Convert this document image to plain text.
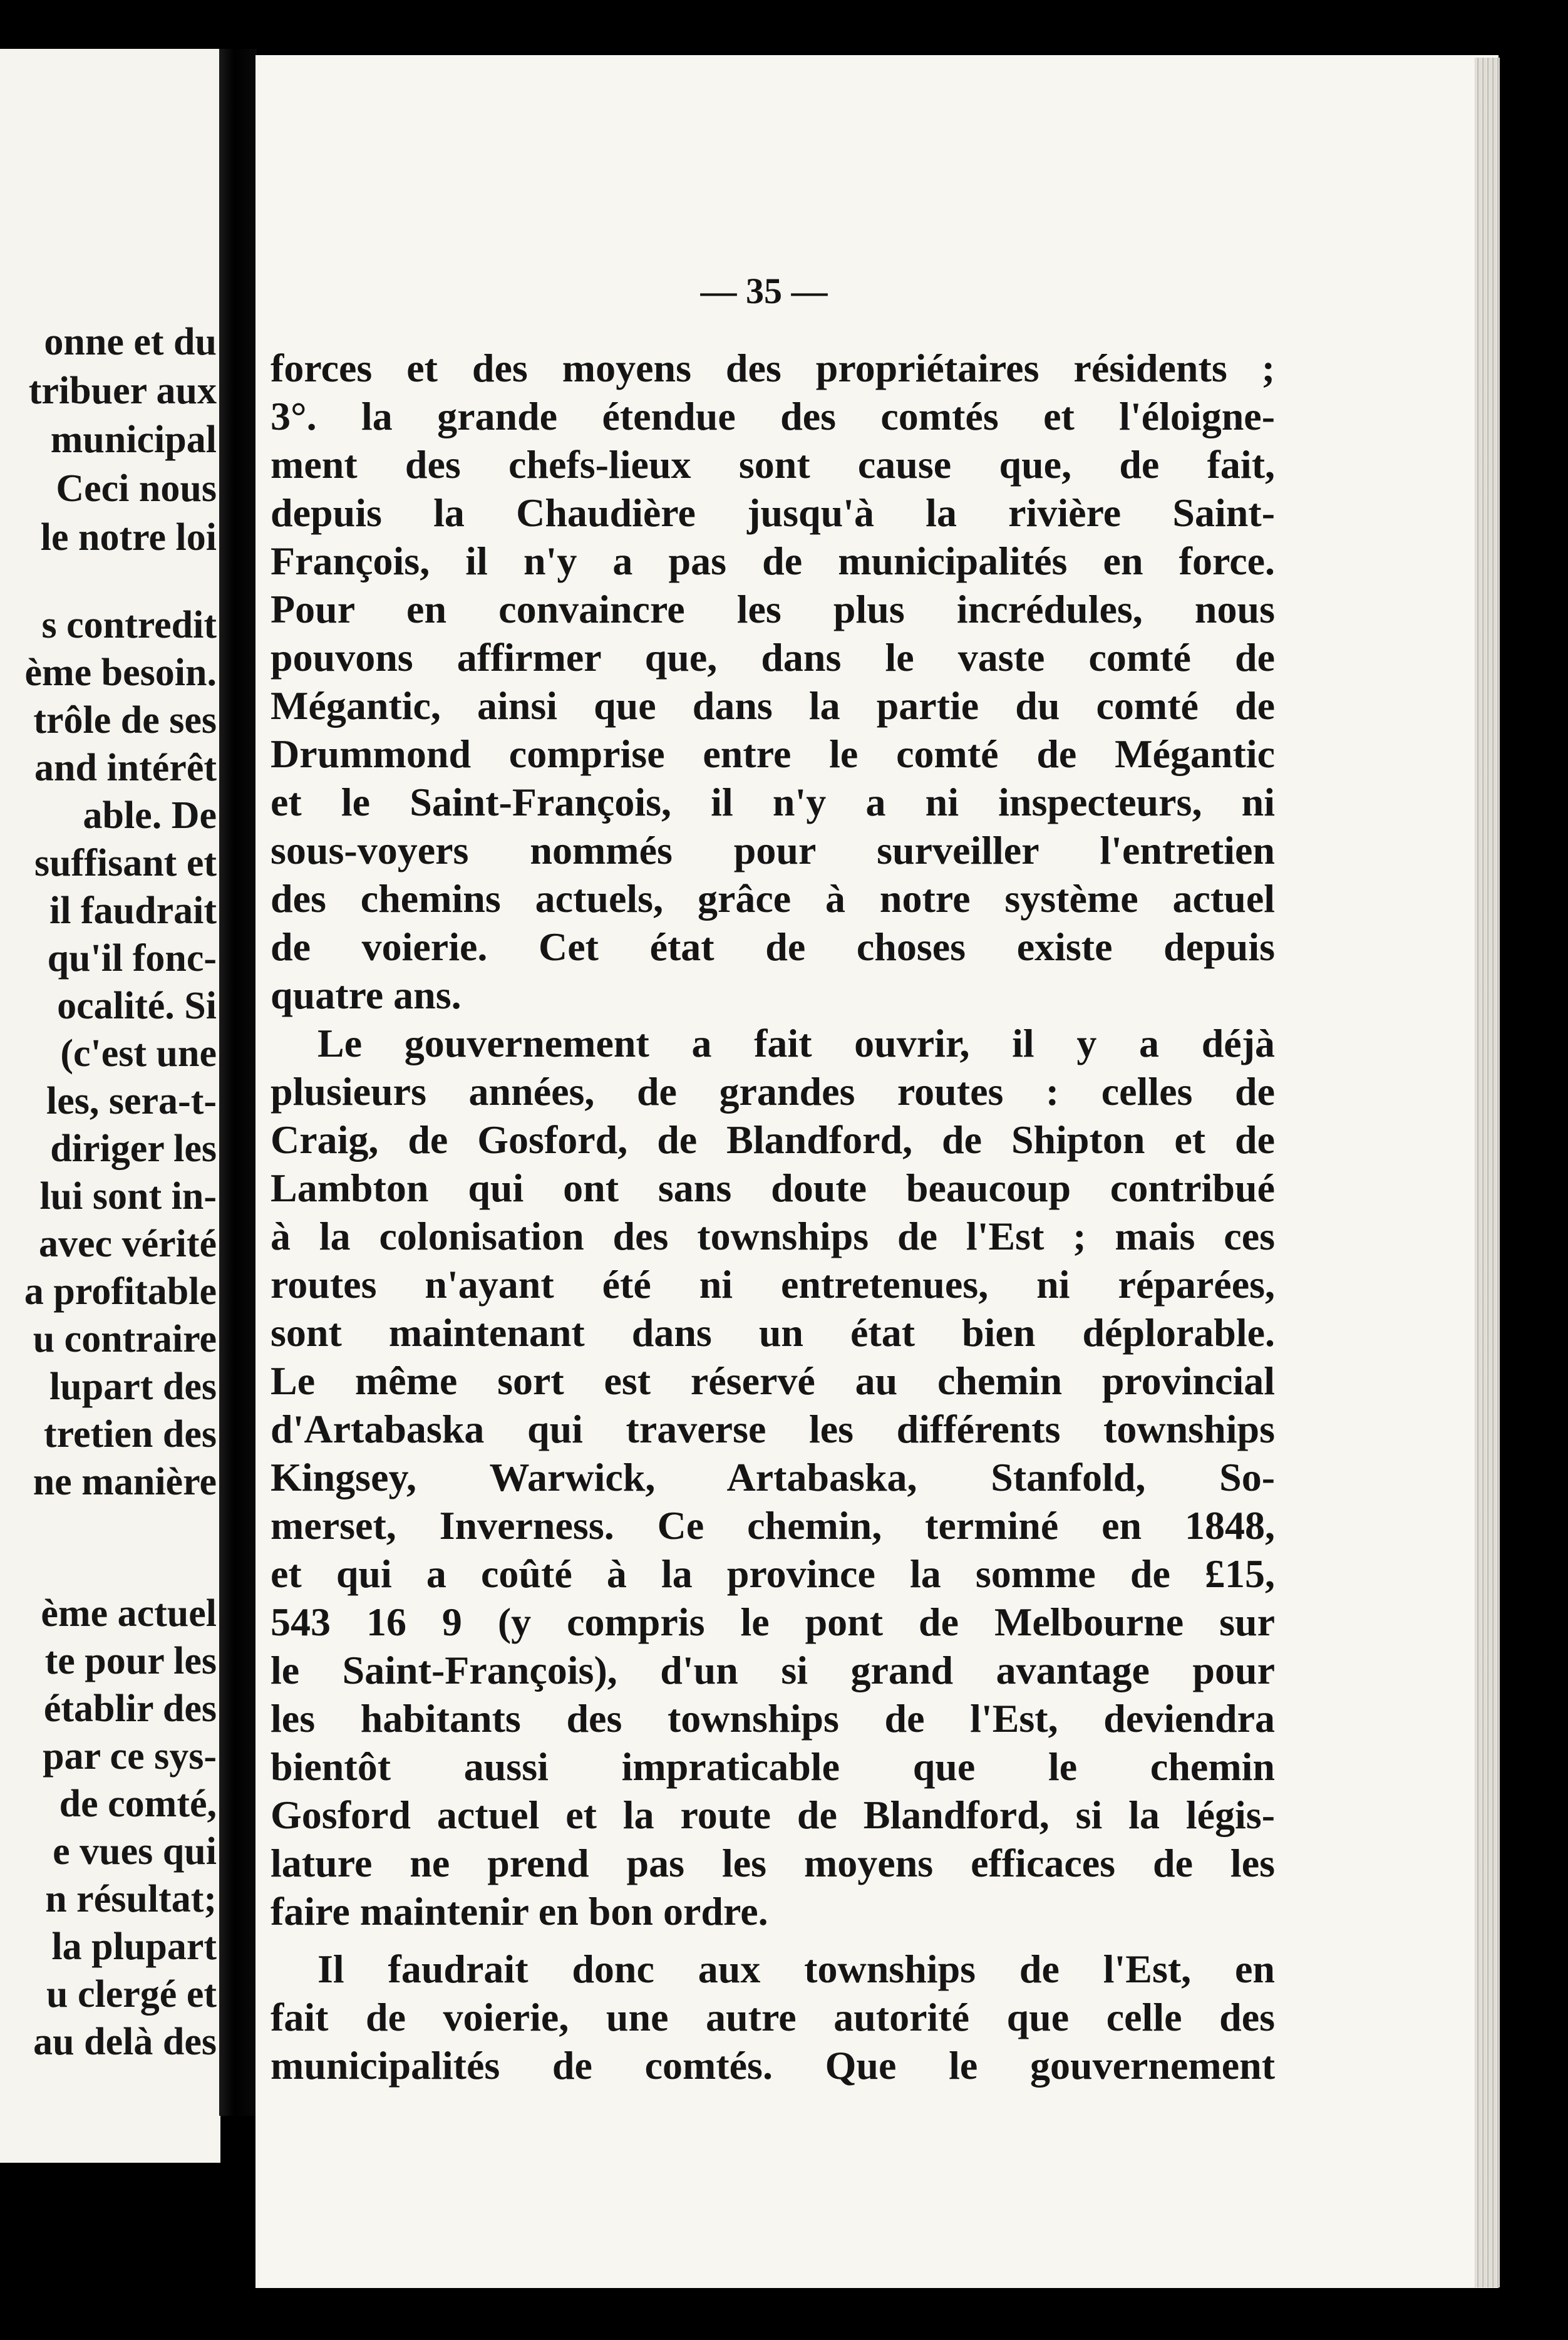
onne et du
tribuer aux
municipal
Ceci nous
le notre loi
s contredit
ème besoin.
trôle de ses
and intérêt
able. De
suffisant et
il faudrait
qu'il fonc-
ocalité. Si
(c'est une
les, sera-t-
diriger les
lui sont in-
avec vérité
a profitable
u contraire
lupart des
tretien des
ne manière
ème actuel
te pour les
établir des
par ce sys-
de comté,
e vues qui
n résultat;
la plupart
u clergé et
au delà des
— 35 —
forces et des moyens des propriétaires résidents ;
3°. la grande étendue des comtés et l'éloigne-
ment des chefs-lieux sont cause que, de fait,
depuis la Chaudière jusqu'à la rivière Saint-
François, il n'y a pas de municipalités en force.
Pour en convaincre les plus incrédules, nous
pouvons affirmer que, dans le vaste comté de
Mégantic, ainsi que dans la partie du comté de
Drummond comprise entre le comté de Mégantic
et le Saint-François, il n'y a ni inspecteurs, ni
sous-voyers nommés pour surveiller l'entretien
des chemins actuels, grâce à notre système actuel
de voierie. Cet état de choses existe depuis
quatre ans.
Le gouvernement a fait ouvrir, il y a déjà
plusieurs années, de grandes routes : celles de
Craig, de Gosford, de Blandford, de Shipton et de
Lambton qui ont sans doute beaucoup contribué
à la colonisation des townships de l'Est ; mais ces
routes n'ayant été ni entretenues, ni réparées,
sont maintenant dans un état bien déplorable.
Le même sort est réservé au chemin provincial
d'Artabaska qui traverse les différents townships
Kingsey, Warwick, Artabaska, Stanfold, So-
merset, Inverness. Ce chemin, terminé en 1848,
et qui a coûté à la province la somme de £15,
543 16 9 (y compris le pont de Melbourne sur
le Saint-François), d'un si grand avantage pour
les habitants des townships de l'Est, deviendra
bientôt aussi impraticable que le chemin
Gosford actuel et la route de Blandford, si la légis-
lature ne prend pas les moyens efficaces de les
faire maintenir en bon ordre.
Il faudrait donc aux townships de l'Est, en
fait de voierie, une autre autorité que celle des
municipalités de comtés. Que le gouvernement
